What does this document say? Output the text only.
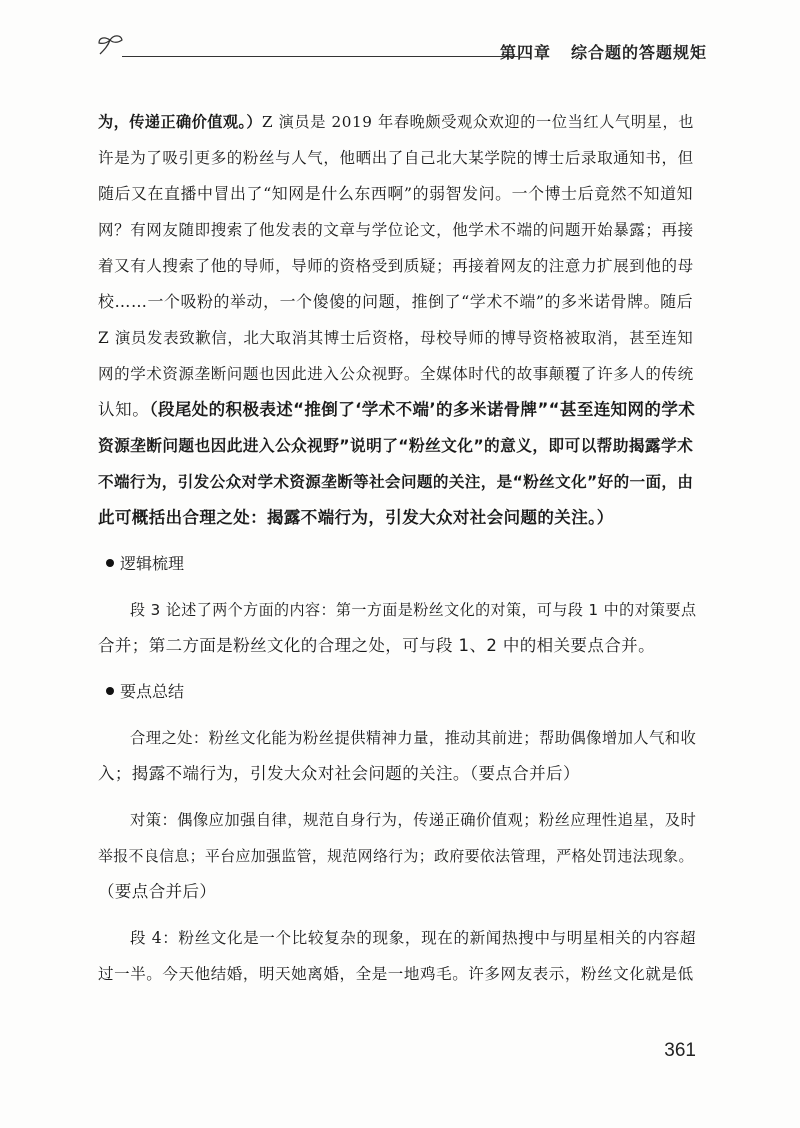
第四章 综合题的答题规矩
为，传递正确价值观。）Z 演员是 2019 年春晚颇受观众欢迎的一位当红人气明星，也
许是为了吸引更多的粉丝与人气，他晒出了自己北大某学院的博士后录取通知书，但
随后又在直播中冒出了“知网是什么东西啊”的弱智发问。一个博士后竟然不知道知
网？有网友随即搜索了他发表的文章与学位论文，他学术不端的问题开始暴露；再接
着又有人搜索了他的导师，导师的资格受到质疑；再接着网友的注意力扩展到他的母
校……一个吸粉的举动，一个傻傻的问题，推倒了“学术不端”的多米诺骨牌。随后
Z 演员发表致歉信，北大取消其博士后资格，母校导师的博导资格被取消，甚至连知
网的学术资源垄断问题也因此进入公众视野。全媒体时代的故事颠覆了许多人的传统
认知。（段尾处的积极表述“推倒了‘学术不端’的多米诺骨牌”“甚至连知网的学术
资源垄断问题也因此进入公众视野”说明了“粉丝文化”的意义，即可以帮助揭露学术
不端行为，引发公众对学术资源垄断等社会问题的关注，是“粉丝文化”好的一面，由
此可概括出合理之处：揭露不端行为，引发大众对社会问题的关注。）
逻辑梳理
段 3 论述了两个方面的内容：第一方面是粉丝文化的对策，可与段 1 中的对策要点
合并；第二方面是粉丝文化的合理之处，可与段 1、2 中的相关要点合并。
要点总结
合理之处：粉丝文化能为粉丝提供精神力量，推动其前进；帮助偶像增加人气和收
入；揭露不端行为，引发大众对社会问题的关注。（要点合并后）
对策：偶像应加强自律，规范自身行为，传递正确价值观；粉丝应理性追星，及时
举报不良信息；平台应加强监管，规范网络行为；政府要依法管理，严格处罚违法现象。
（要点合并后）
段 4：粉丝文化是一个比较复杂的现象，现在的新闻热搜中与明星相关的内容超
过一半。今天他结婚，明天她离婚，全是一地鸡毛。许多网友表示，粉丝文化就是低
361
